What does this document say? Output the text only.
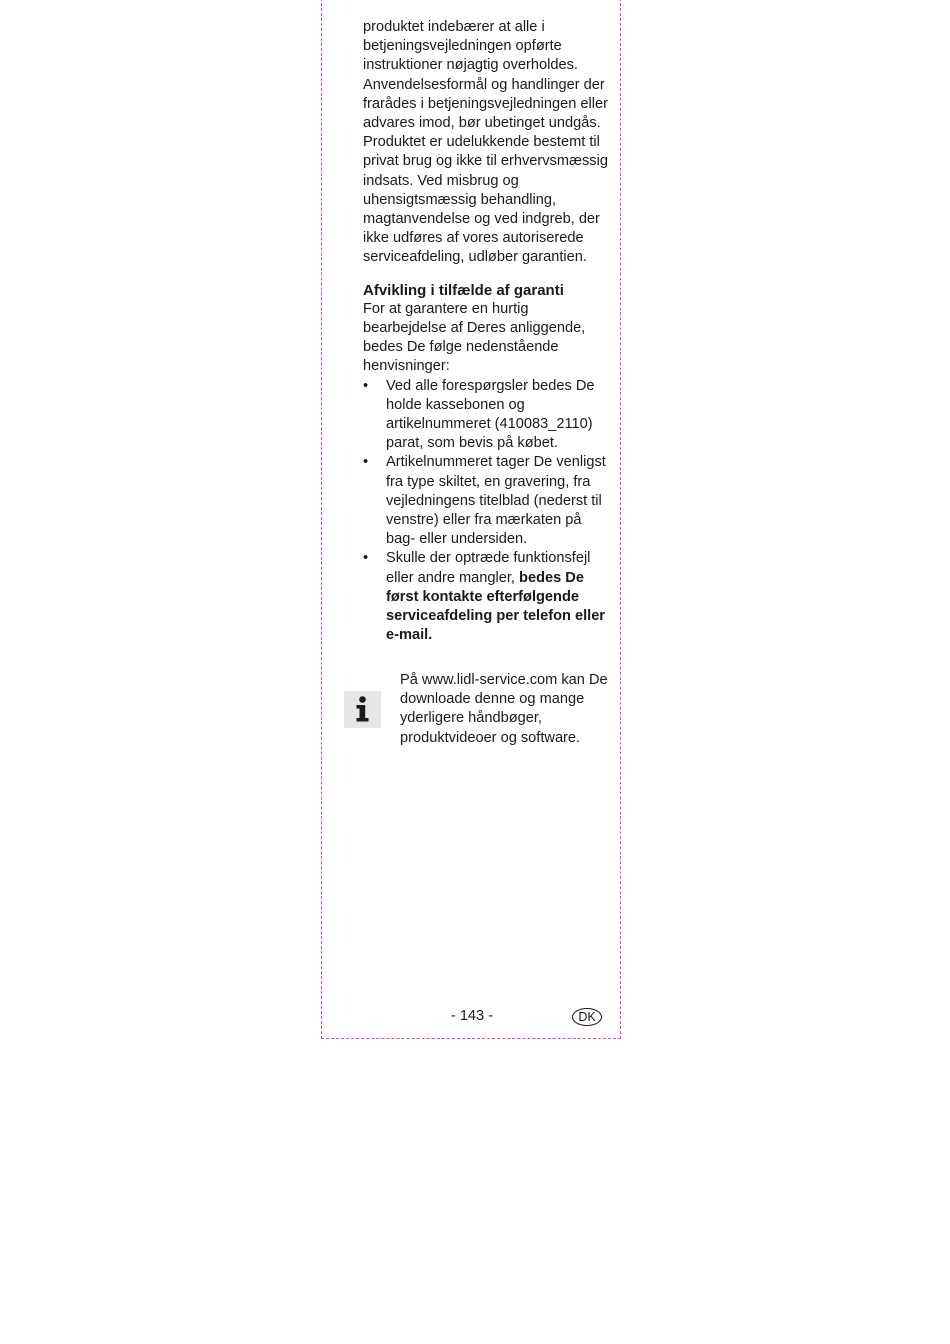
produktet indebærer at alle i betjeningsvejledningen opførte instruktioner nøjagtig overholdes. Anvendelsesformål og handlinger der frarådes i betjeningsvejledningen eller advares imod, bør ubetinget undgås. Produktet er udelukkende bestemt til privat brug og ikke til erhvervsmæssig indsats. Ved misbrug og uhensigtsmæssig behandling, magtanvendelse og ved indgreb, der ikke udføres af vores autoriserede serviceafdeling, udløber garantien.

Afvikling i tilfælde af garanti

For at garantere en hurtig bearbejdelse af Deres anliggende, bedes De følge nedenstående henvisninger:

• Ved alle forespørgsler bedes De holde kassebonen og artikelnummeret (410083_2110) parat, som bevis på købet.
• Artikelnummeret tager De venligst fra type skiltet, en gravering, fra vejledningens titelblad (nederst til venstre) eller fra mærkaten på bag- eller undersiden.
• Skulle der optræde funktionsfejl eller andre mangler, bedes De først kontakte efterfølgende serviceafdeling per telefon eller e-mail.
På www.lidl-service.com kan De downloade denne og mange yderligere håndbøger, produktvideoer og software.
- 143 -	DK
